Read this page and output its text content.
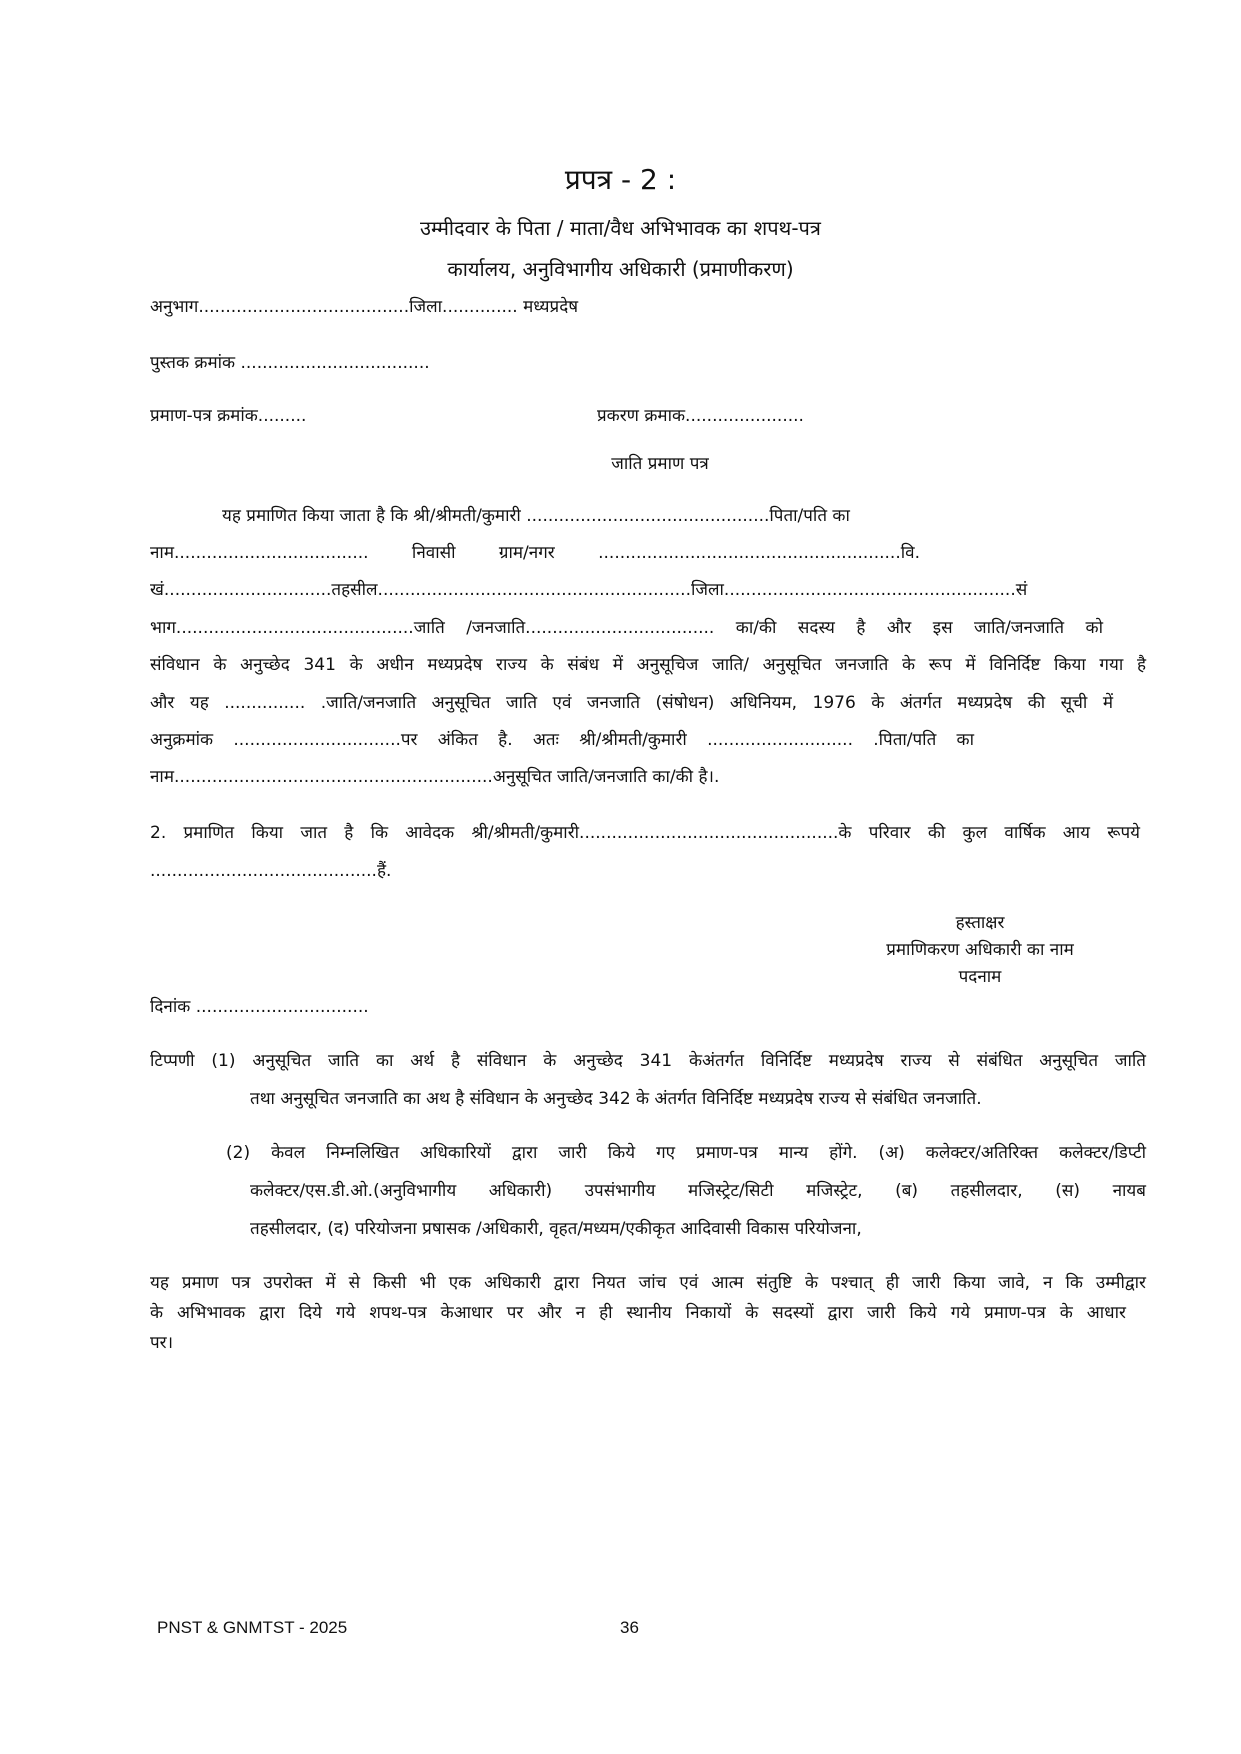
प्रपत्र - 2 :
उम्मीदवार के पिता / माता/वैध अभिभावक का शपथ-पत्र
कार्यालय, अनुविभागीय अधिकारी (प्रमाणीकरण)
अनुभाग.......................................जिला.............. मध्यप्रदेष
पुस्तक क्रमांक ...................................
प्रमाण-पत्र क्रमांक.........	प्रकरण क्रमाक......................
जाति प्रमाण पत्र
यह प्रमाणित किया जाता है कि श्री/श्रीमती/कुमारी .............................................पिता/पति का
नाम.................................... निवासी ग्राम/नगर ........................................................वि.
खं...............................तहसील..........................................................जिला......................................................सं
भाग............................................जाति /जनजाति................................... का/की सदस्य है और इस जाति/जनजाति को
संविधान के अनुच्छेद 341 के अधीन मध्यप्रदेष राज्य के संबंध में अनुसूचिज जाति/ अनुसूचित जनजाति के रूप में विनिर्दिष्ट किया गया है
और यह ............... .जाति/जनजाति अनुसूचित जाति एवं जनजाति (संषोधन) अधिनियम, 1976 के अंतर्गत मध्यप्रदेष की सूची में
अनुक्रमांक ...............................पर अंकित है. अतः श्री/श्रीमती/कुमारी ........................... .पिता/पति का
नाम...........................................................अनुसूचित जाति/जनजाति का/की है।.
2. प्रमाणित किया जात है कि आवेदक श्री/श्रीमती/कुमारी................................................के परिवार की कुल वार्षिक आय रूपये
..........................................हैं.
हस्ताक्षर
प्रमाणिकरण अधिकारी का नाम
पदनाम
दिनांक ................................
टिप्पणी (1) अनुसूचित जाति का अर्थ है संविधान के अनुच्छेद 341 केअंतर्गत विनिर्दिष्ट मध्यप्रदेष राज्य से संबंधित अनुसूचित जाति
तथा अनुसूचित जनजाति का अथ है संविधान के अनुच्छेद 342 के अंतर्गत विनिर्दिष्ट मध्यप्रदेष राज्य से संबंधित जनजाति.
(2) केवल निम्नलिखित अधिकारियों द्वारा जारी किये गए प्रमाण-पत्र मान्य होंगे. (अ) कलेक्टर/अतिरिक्त कलेक्टर/डिप्टी
कलेक्टर/एस.डी.ओ.(अनुविभागीय अधिकारी) उपसंभागीय मजिस्ट्रेट/सिटी मजिस्ट्रेट, (ब) तहसीलदार, (स) नायब
तहसीलदार, (द) परियोजना प्रषासक /अधिकारी, वृहत/मध्यम/एकीकृत आदिवासी विकास परियोजना,
यह प्रमाण पत्र उपरोक्त में से किसी भी एक अधिकारी द्वारा नियत जांच एवं आत्म संतुष्टि के पश्चात् ही जारी किया जावे, न कि उम्मीद्वार
के अभिभावक द्वारा दिये गये शपथ-पत्र केआधार पर और न ही स्थानीय निकायों के सदस्यों द्वारा जारी किये गये प्रमाण-पत्र के आधार
पर।
PNST & GNMTST - 2025	36
